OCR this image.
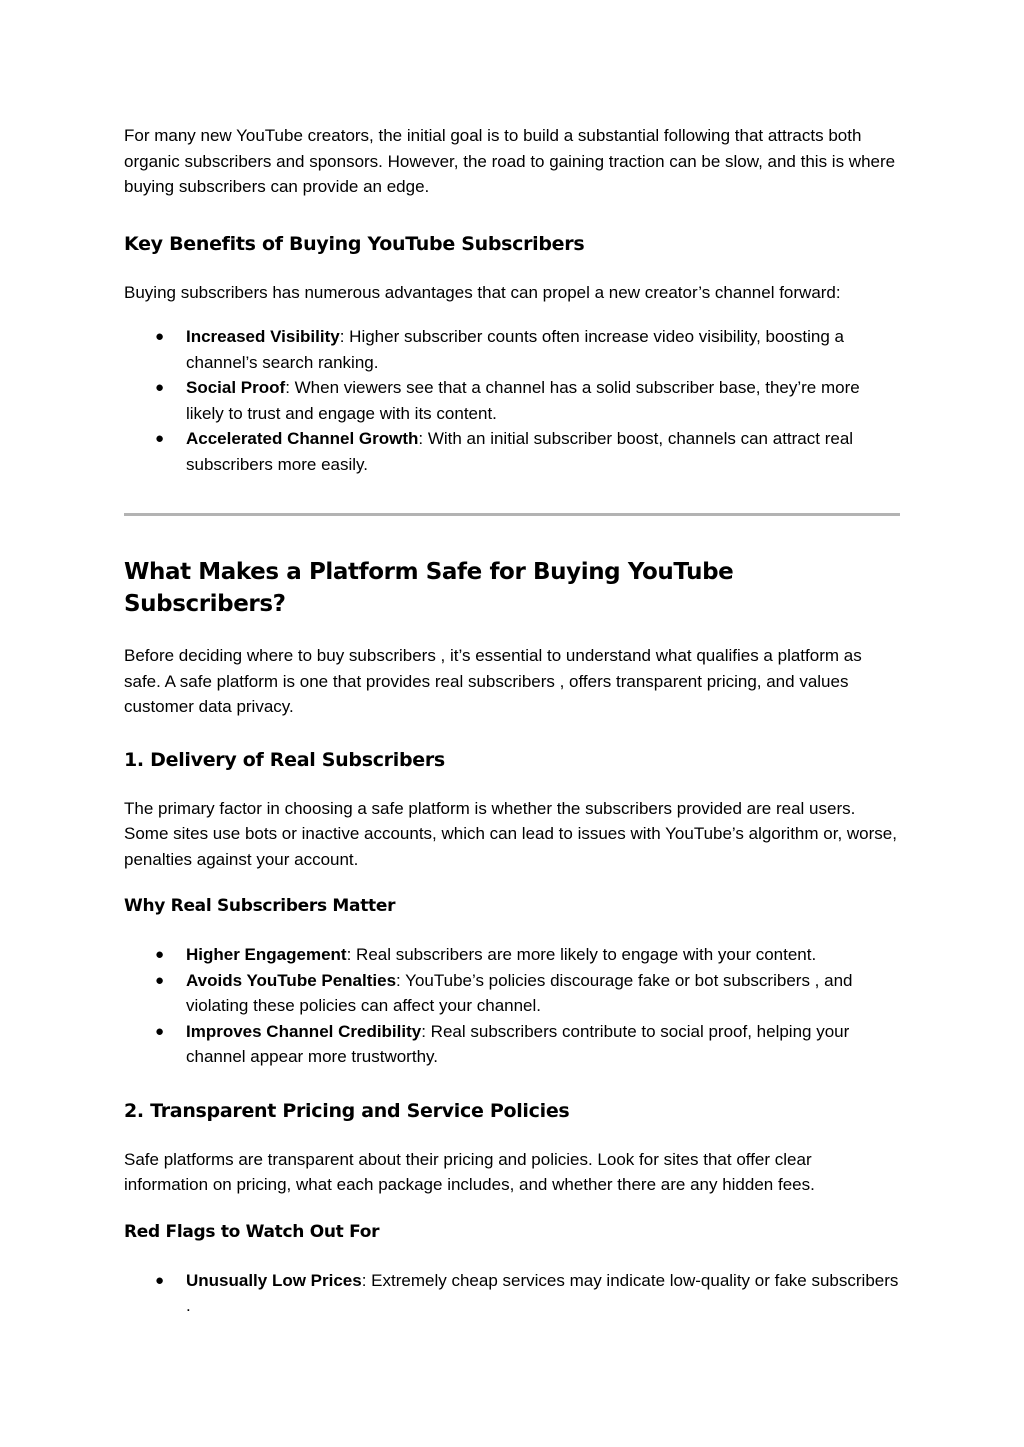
For many new YouTube creators, the initial goal is to build a substantial following that attracts both organic subscribers and sponsors. However, the road to gaining traction can be slow, and this is where buying subscribers can provide an edge.

Key Benefits of Buying YouTube Subscribers

Buying subscribers has numerous advantages that can propel a new creator’s channel forward:

● Increased Visibility: Higher subscriber counts often increase video visibility, boosting a channel’s search ranking.
● Social Proof: When viewers see that a channel has a solid subscriber base, they’re more likely to trust and engage with its content.
● Accelerated Channel Growth: With an initial subscriber boost, channels can attract real subscribers more easily.
What Makes a Platform Safe for Buying YouTube Subscribers?

Before deciding where to buy subscribers , it’s essential to understand what qualifies a platform as safe. A safe platform is one that provides real subscribers , offers transparent pricing, and values customer data privacy.

1. Delivery of Real Subscribers

The primary factor in choosing a safe platform is whether the subscribers provided are real users. Some sites use bots or inactive accounts, which can lead to issues with YouTube’s algorithm or, worse, penalties against your account.

Why Real Subscribers Matter
● Higher Engagement: Real subscribers are more likely to engage with your content.
● Avoids YouTube Penalties: YouTube’s policies discourage fake or bot subscribers , and violating these policies can affect your channel.
● Improves Channel Credibility: Real subscribers contribute to social proof, helping your channel appear more trustworthy.
2. Transparent Pricing and Service Policies

Safe platforms are transparent about their pricing and policies. Look for sites that offer clear information on pricing, what each package includes, and whether there are any hidden fees.

Red Flags to Watch Out For
● Unusually Low Prices: Extremely cheap services may indicate low-quality or fake subscribers .
